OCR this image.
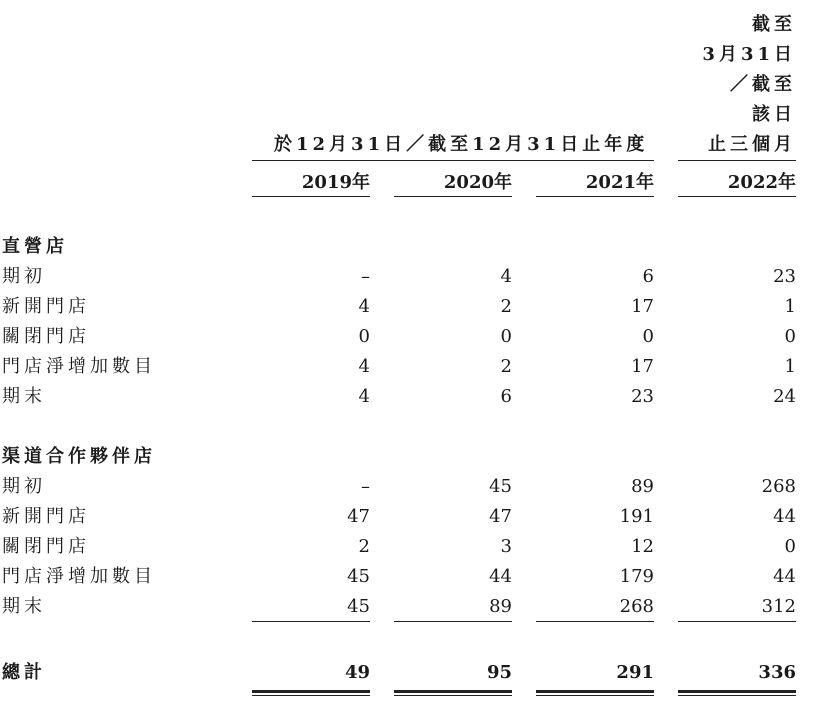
截至
3月31日
／截至
該日
止三個月
於12月31日／截至12月31日止年度
2019年	2020年	2021年	2022年
直營店
期初	–	4	6	23
新開門店	4	2	17	1
關閉門店	0	0	0	0
門店淨增加數目	4	2	17	1
期末	4	6	23	24
渠道合作夥伴店
期初	–	45	89	268
新開門店	47	47	191	44
關閉門店	2	3	12	0
門店淨增加數目	45	44	179	44
期末	45	89	268	312
總計	49	95	291	336
